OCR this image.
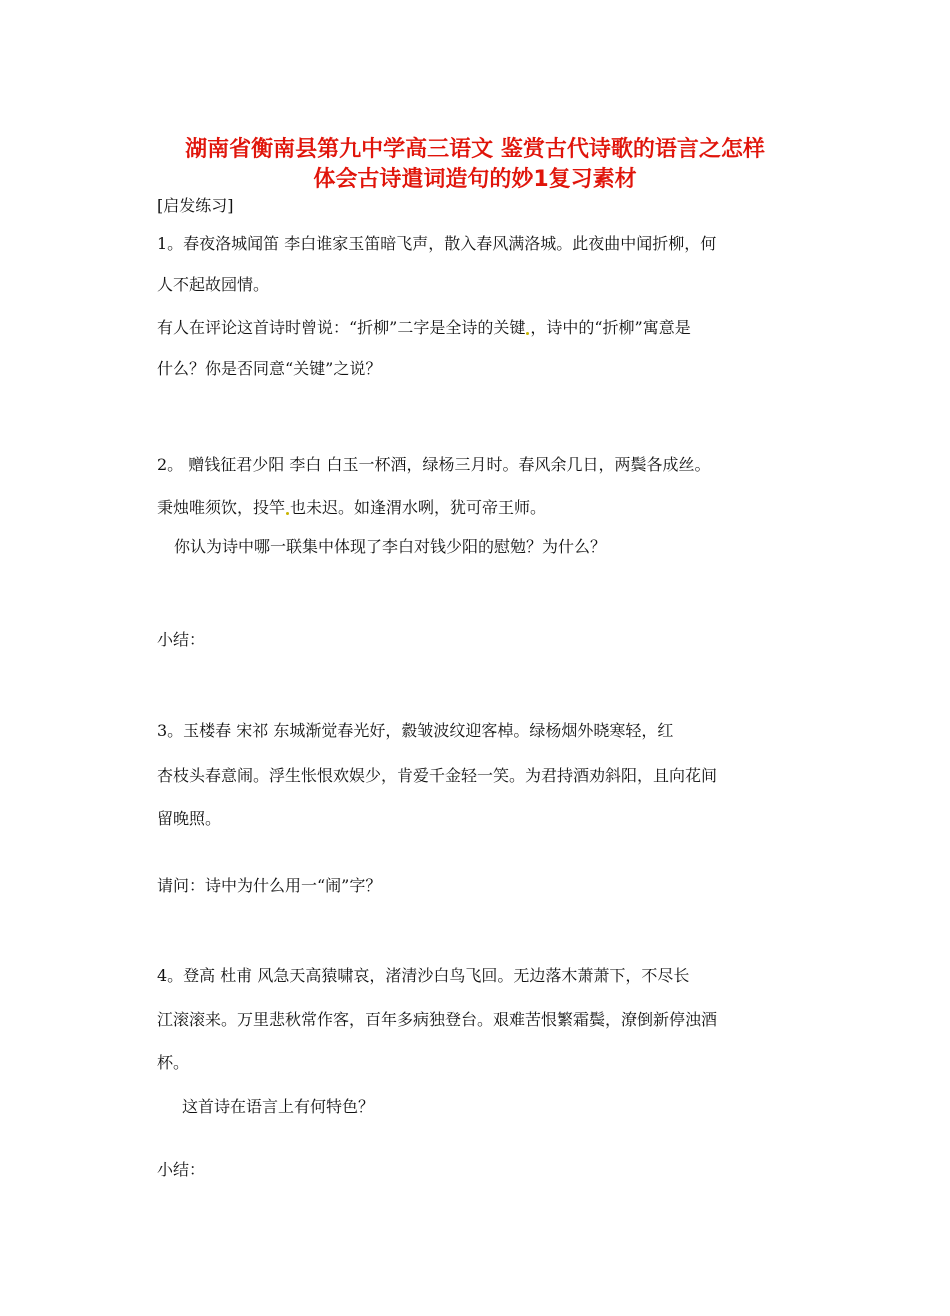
湖南省衡南县第九中学高三语文 鉴赏古代诗歌的语言之怎样
体会古诗遣词造句的妙1复习素材
[启发练习]
1。春夜洛城闻笛 李白谁家玉笛暗飞声，散入春风满洛城。此夜曲中闻折柳，何
人不起故园情。
有人在评论这首诗时曾说：“折柳”二字是全诗的关键 ，诗中的“折柳”寓意是
什么？你是否同意“关键”之说？
2。 赠钱征君少阳 李白 白玉一杯酒，绿杨三月时。春风余几日，两鬓各成丝。
秉烛唯须饮，投竿 也未迟。如逢渭水咧，犹可帝王师。
你认为诗中哪一联集中体现了李白对钱少阳的慰勉？为什么？
小结：
3。玉楼春 宋祁 东城渐觉春光好，縠皱波纹迎客棹。绿杨烟外晓寒轻，红
杏枝头春意闹。浮生怅恨欢娱少，肯爱千金轻一笑。为君持酒劝斜阳，且向花间
留晚照。
请问：诗中为什么用一“闹”字？
4。登高 杜甫 风急天高猿啸哀，渚清沙白鸟飞回。无边落木萧萧下，不尽长
江滚滚来。万里悲秋常作客，百年多病独登台。艰难苦恨繁霜鬓，潦倒新停浊酒
杯。
这首诗在语言上有何特色？
小结：
